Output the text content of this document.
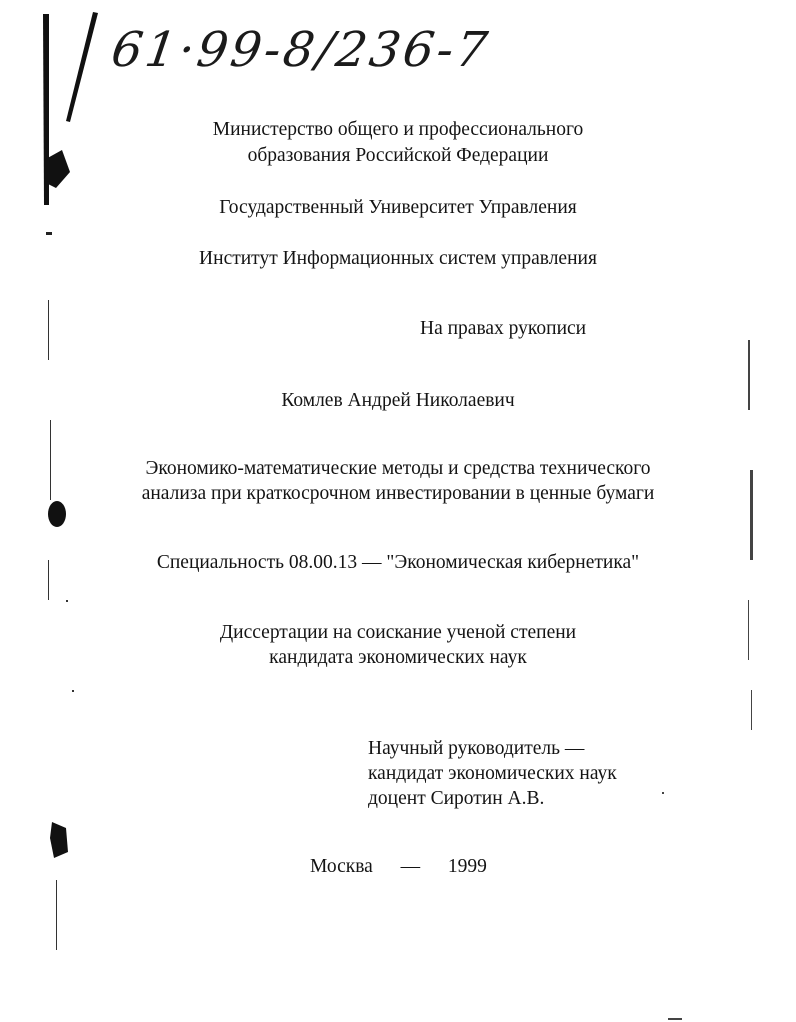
61·99-8/236-7

Министерство общего и профессионального

образования Российской Федерации

Государственный Университет Управления

Институт Информационных систем управления

На правах рукописи

Комлев Андрей Николаевич

Экономико-математические методы и средства технического

анализа при краткосрочном инвестировании в ценные бумаги

Специальность 08.00.13 — "Экономическая кибернетика"

Диссертации на соискание ученой степени

кандидата экономических наук

Научный руководитель —
кандидат экономических наук
доцент Сиротин А.В.
Москва — 1999
